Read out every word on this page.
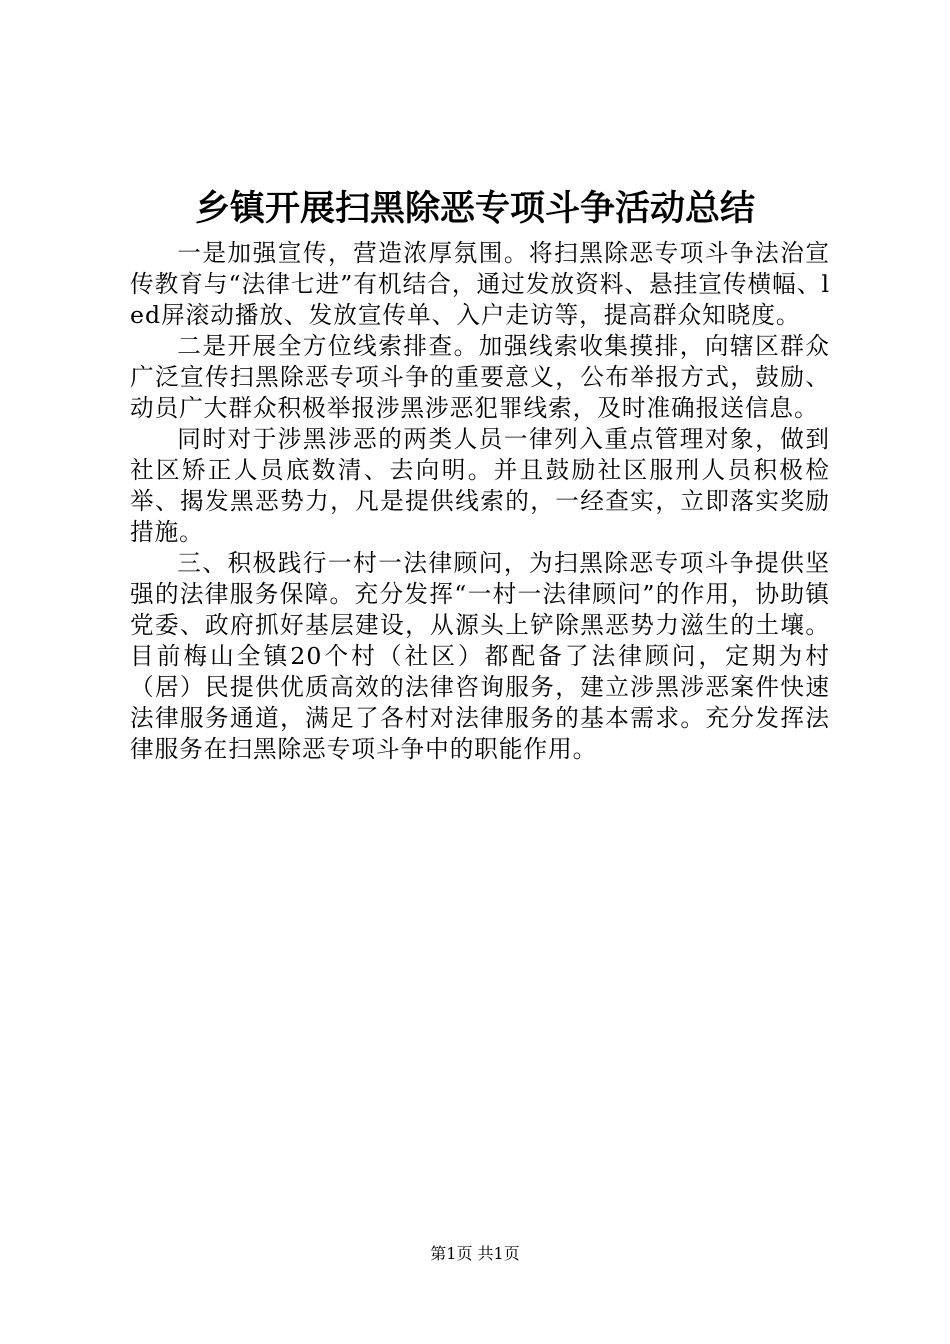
乡镇开展扫黑除恶专项斗争活动总结

一是加强宣传，营造浓厚氛围。将扫黑除恶专项斗争法治宣传教育与“法律七进”有机结合，通过发放资料、悬挂宣传横幅、led屏滚动播放、发放宣传单、入户走访等，提高群众知晓度。

二是开展全方位线索排查。加强线索收集摸排，向辖区群众广泛宣传扫黑除恶专项斗争的重要意义，公布举报方式，鼓励、动员广大群众积极举报涉黑涉恶犯罪线索，及时准确报送信息。

同时对于涉黑涉恶的两类人员一律列入重点管理对象，做到社区矫正人员底数清、去向明。并且鼓励社区服刑人员积极检举、揭发黑恶势力，凡是提供线索的，一经查实，立即落实奖励措施。

三、积极践行一村一法律顾问，为扫黑除恶专项斗争提供坚强的法律服务保障。充分发挥“一村一法律顾问”的作用，协助镇党委、政府抓好基层建设，从源头上铲除黑恶势力滋生的土壤。目前梅山全镇20个村（社区）都配备了法律顾问，定期为村（居）民提供优质高效的法律咨询服务，建立涉黑涉恶案件快速法律服务通道，满足了各村对法律服务的基本需求。充分发挥法律服务在扫黑除恶专项斗争中的职能作用。

第1页 共1页
